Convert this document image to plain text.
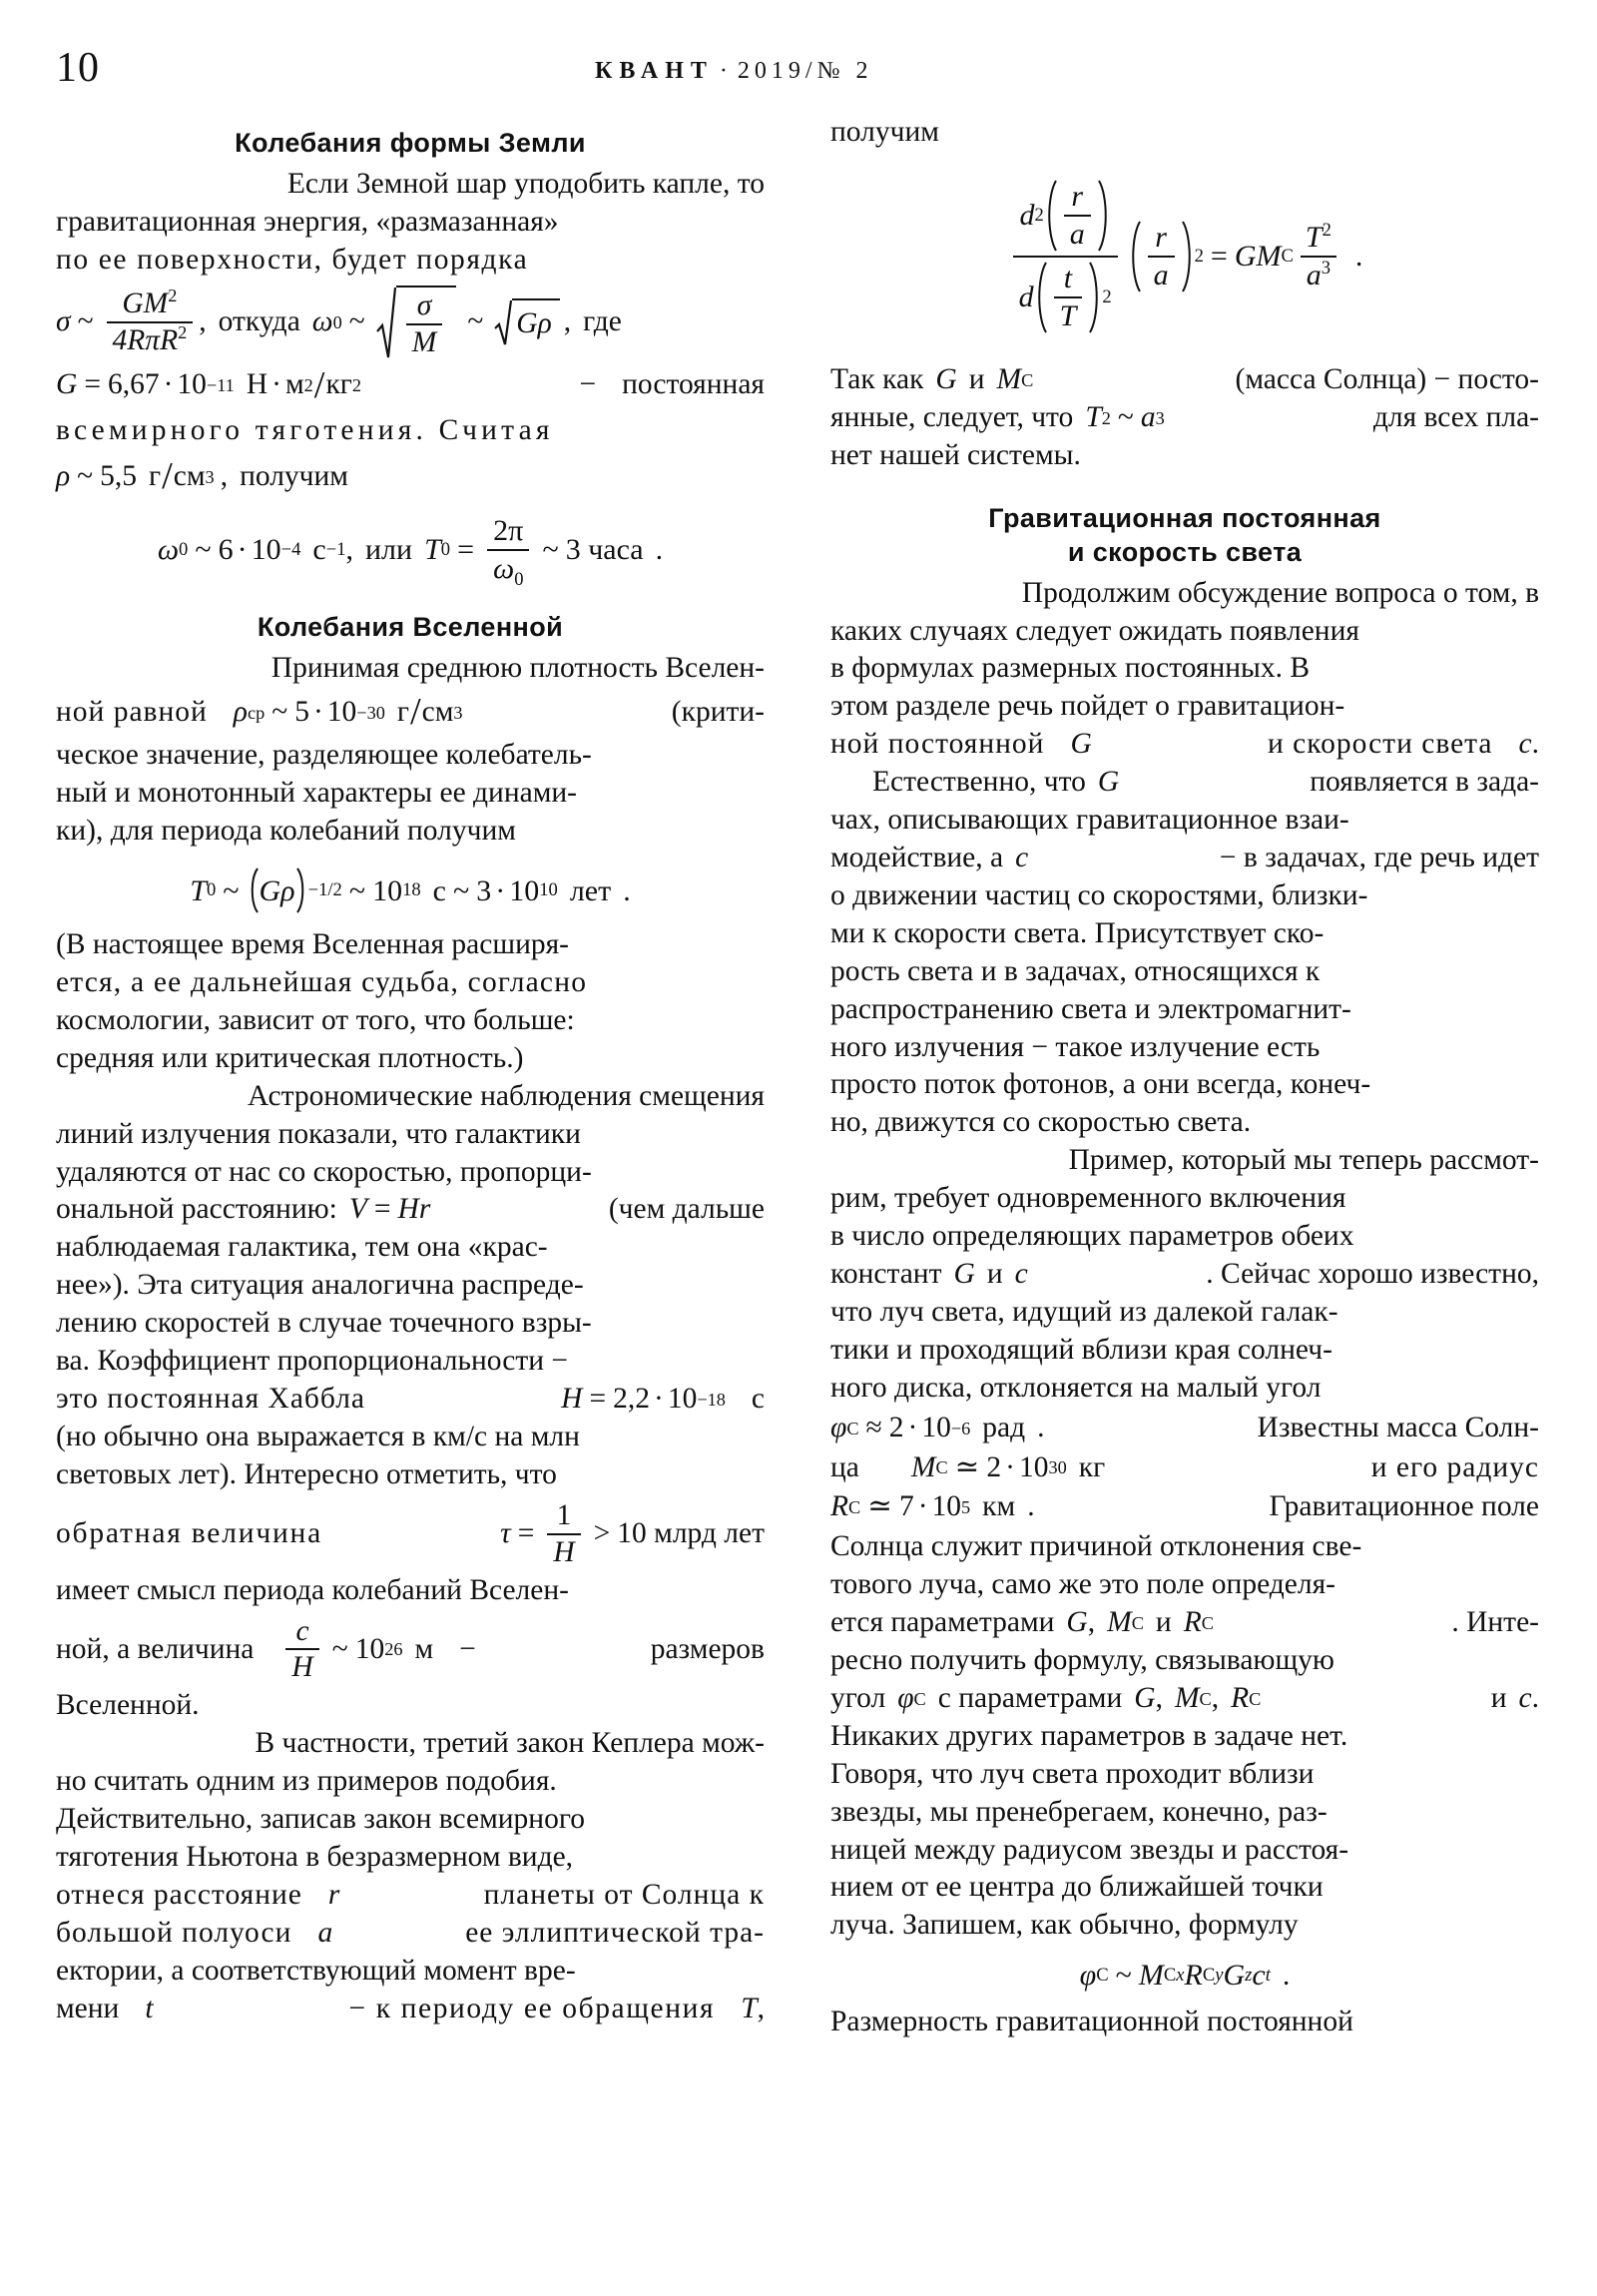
10	КВАНТ · 2019/№ 2
Колебания формы Земли
Если Земной шар уподобить капле, то
гравитационная энергия, «размазанная»
по ее поверхности, будет порядка
σ ~ $\frac{GM^2}{4R\pi R^2}$ , откуда ω 0 ~ $\frac{\sigma}{M}$ ~ Gρ , где
G = 6,67 · 10 −11 Н · м 2 / кг 2	− постоянная
всемирного тяготения. Считая
ρ ~ 5,5 г / см 3 , получим
ω 0 ~ 6 · 10 −4 с −1 , или T $0 = \frac{2\pi}{\omega_0}$ ~ 3 часа .
Колебания Вселенной
Принимая среднюю плотность Вселен-
ной равной ρ ср ~ 5 · 10 −30 г / см 3	(крити-

ческое значение, разделяющее колебатель-

ный и монотонный характеры ее динами-

ки), для периода колебаний получим

T 0 ~ Gρ −1/2 ~ 10 18 с ~ 3 · 10 10 лет .

(В настоящее время Вселенная расширя-

ется, а ее дальнейшая судьба, согласно

космологии, зависит от того, что больше:

средняя или критическая плотность.)

Астрономические наблюдения смещения

линий излучения показали, что галактики

удаляются от нас со скоростью, пропорци-

ональной расстоянию: V = Hr	(чем дальше

наблюдаемая галактика, тем она «крас-

нее»). Эта ситуация аналогична распреде-

лению скоростей в случае точечного взры-

ва. Коэффициент пропорциональности −

это постоянная Хаббла	H = 2,2 · 10 −18 с

(но обычно она выражается в км/с на млн

световых лет). Интересно отметить, что

обратная величина	$\tau = \frac{1}{H} > 10$ млрд лет

имеет смысл периода колебаний Вселен-

ной, а величина $\frac{c}{H}$ ~ 10 26 м −	размеров

Вселенной.

В частности, третий закон Кеплера мож-

но считать одним из примеров подобия.

Действительно, записав закон всемирного

тяготения Ньютона в безразмерном виде,

отнеся расстояние r	планеты от Солнца к
большой полуоси a	ее эллиптической тра-

ектории, а соответствующий момент вре-

мени t	− к периоду ее обращения T ,

получим

d $2 \frac{r}{a}$
d $\frac{t}{T} 2$
$\frac{r}{a} 2$ = GM C $\frac{T^2}{a^3}$ .
Так как G и M C	(масса Солнца) − посто-
янные, следует, что T 2 ~ a 3	для всех пла-

нет нашей системы.

Гравитационная постоянная
и скорость света
Продолжим обсуждение вопроса о том, в

каких случаях следует ожидать появления

в формулах размерных постоянных. В

этом разделе речь пойдет о гравитацион-

ной постоянной G	и скорости света c .
Естественно, что G	появляется в зада-

чах, описывающих гравитационное взаи-

модействие, а c	− в задачах, где речь идет

о движении частиц со скоростями, близки-

ми к скорости света. Присутствует ско-

рость света и в задачах, относящихся к

распространению света и электромагнит-

ного излучения − такое излучение есть

просто поток фотонов, а они всегда, конеч-

но, движутся со скоростью света.

Пример, который мы теперь рассмот-

рим, требует одновременного включения

в число определяющих параметров обеих

констант G и c	. Сейчас хорошо известно,

что луч света, идущий из далекой галак-

тики и проходящий вблизи края солнеч-

ного диска, отклоняется на малый угол

φ C ≈ 2 · 10 −6 рад .	Известны масса Солн-
ца M C ≃ 2 · 10 30 кг	и его радиус
R C ≃ 7 · 10 5 км .	Гравитационное поле

Солнца служит причиной отклонения све-

тового луча, само же это поле определя-

ется параметрами G , M C и R C	. Инте-

ресно получить формулу, связывающую

угол φ C с параметрами G , M C , R C	и c .

Никаких других параметров в задаче нет.

Говоря, что луч света проходит вблизи

звезды, мы пренебрегаем, конечно, раз-

ницей между радиусом звезды и расстоя-

нием от ее центра до ближайшей точки

луча. Запишем, как обычно, формулу

φ C ~ M C x R C y G z c t .

Размерность гравитационной постоянной
